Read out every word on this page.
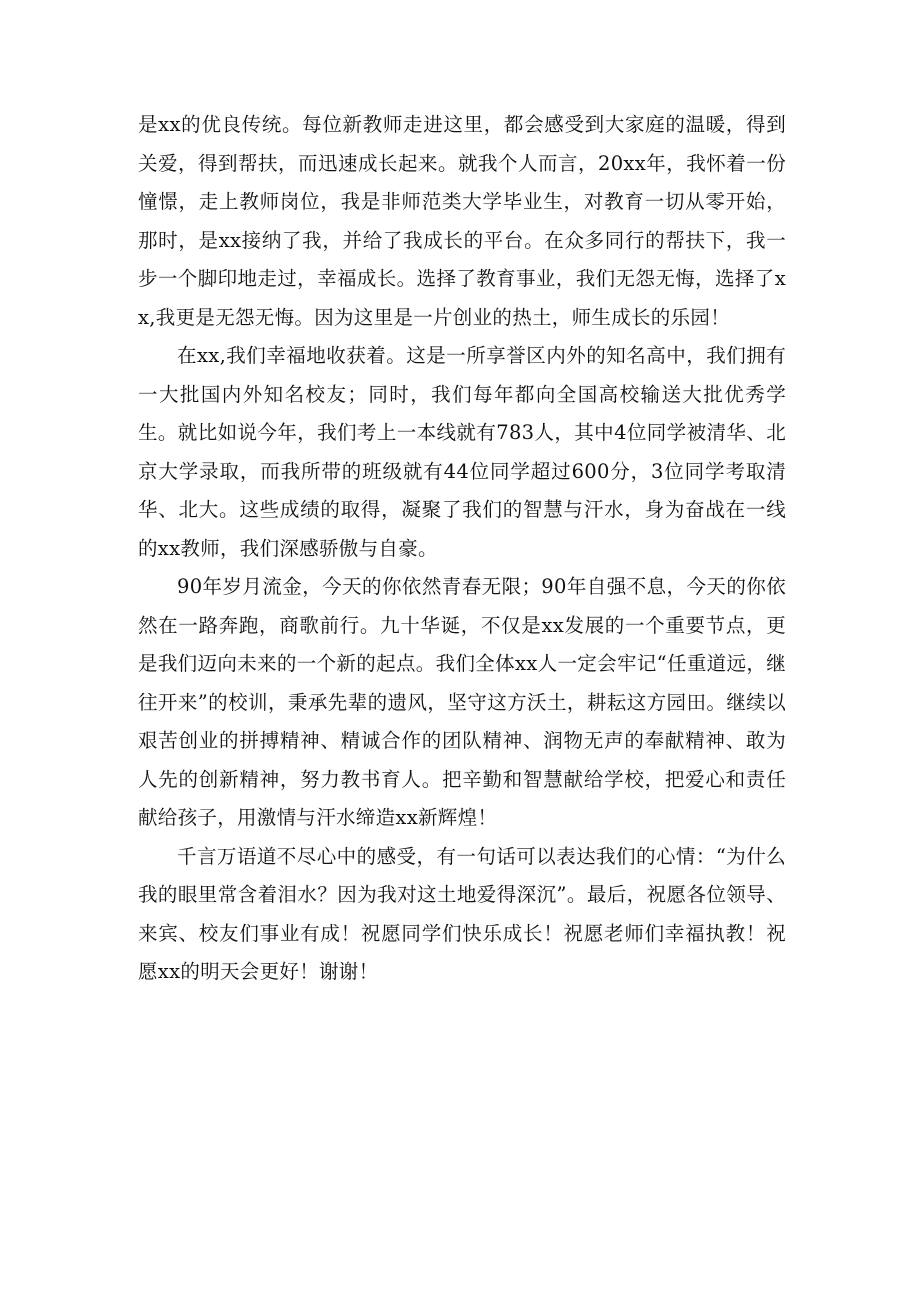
是xx的优良传统。每位新教师走进这里，都会感受到大家庭的温暖，得到关爱，得到帮扶，而迅速成长起来。就我个人而言，20xx年，我怀着一份憧憬，走上教师岗位，我是非师范类大学毕业生，对教育一切从零开始，那时，是xx接纳了我，并给了我成长的平台。在众多同行的帮扶下，我一步一个脚印地走过，幸福成长。选择了教育事业，我们无怨无悔，选择了xx,我更是无怨无悔。因为这里是一片创业的热土，师生成长的乐园！

在xx,我们幸福地收获着。这是一所享誉区内外的知名高中，我们拥有一大批国内外知名校友；同时，我们每年都向全国高校输送大批优秀学生。就比如说今年，我们考上一本线就有783人，其中4位同学被清华、北京大学录取，而我所带的班级就有44位同学超过600分，3位同学考取清华、北大。这些成绩的取得，凝聚了我们的智慧与汗水，身为奋战在一线的xx教师，我们深感骄傲与自豪。

90年岁月流金，今天的你依然青春无限；90年自强不息，今天的你依然在一路奔跑，商歌前行。九十华诞，不仅是xx发展的一个重要节点，更是我们迈向未来的一个新的起点。我们全体xx人一定会牢记“任重道远，继往开来”的校训，秉承先辈的遗风，坚守这方沃土，耕耘这方园田。继续以艰苦创业的拼搏精神、精诚合作的团队精神、润物无声的奉献精神、敢为人先的创新精神，努力教书育人。把辛勤和智慧献给学校，把爱心和责任献给孩子，用激情与汗水缔造xx新辉煌！

千言万语道不尽心中的感受，有一句话可以表达我们的心情：“为什么我的眼里常含着泪水？因为我对这土地爱得深沉”。最后，祝愿各位领导、来宾、校友们事业有成！祝愿同学们快乐成长！祝愿老师们幸福执教！祝愿xx的明天会更好！谢谢！
